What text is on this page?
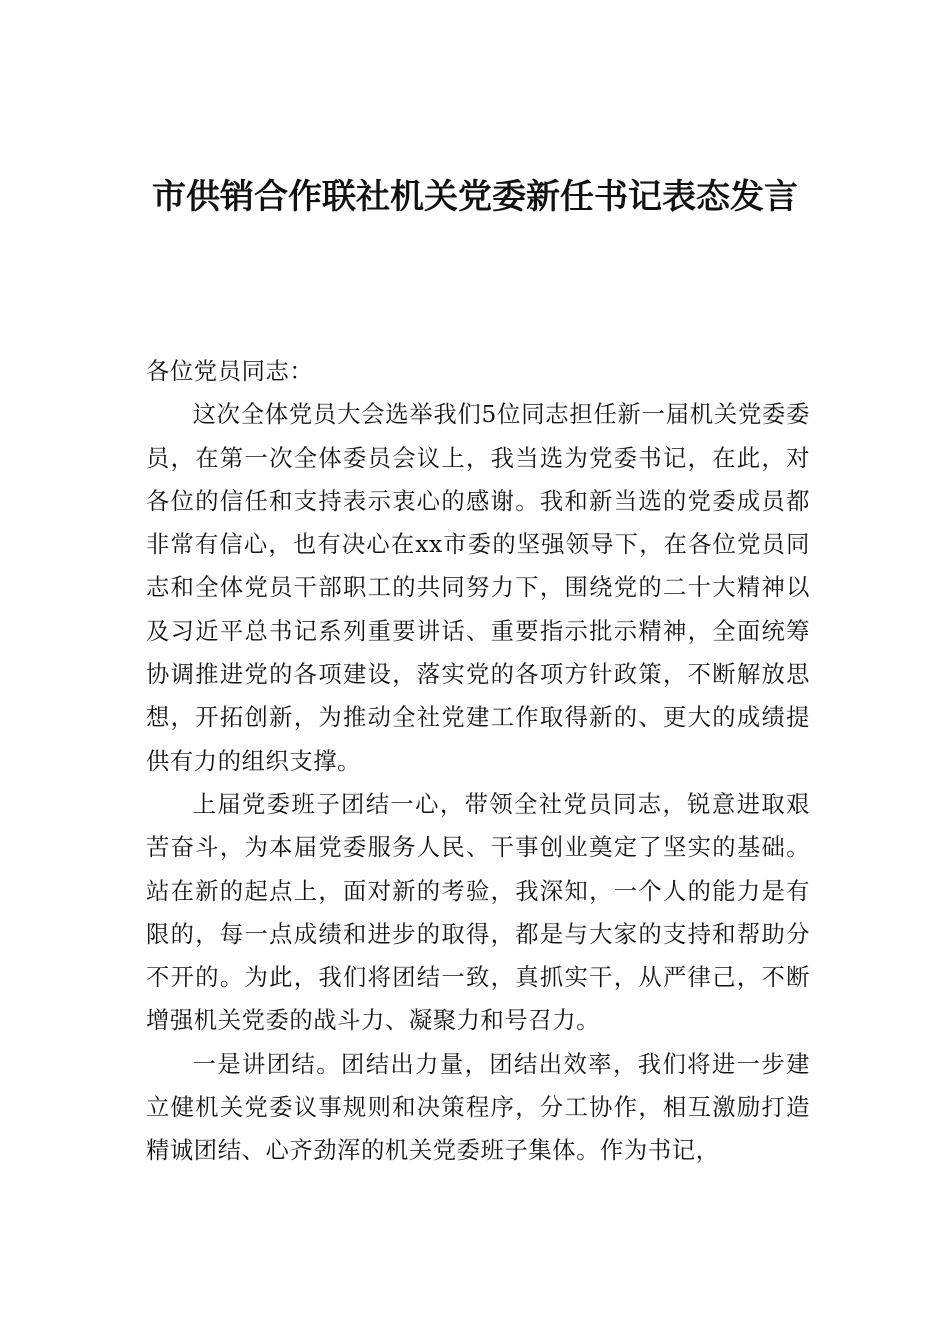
市供销合作联社机关党委新任书记表态发言

各位党员同志：

这次全体党员大会选举我们5位同志担任新一届机关党委委员，在第一次全体委员会议上，我当选为党委书记，在此，对各位的信任和支持表示衷心的感谢。我和新当选的党委成员都非常有信心，也有决心在xx市委的坚强领导下，在各位党员同志和全体党员干部职工的共同努力下，围绕党的二十大精神以及习近平总书记系列重要讲话、重要指示批示精神，全面统筹协调推进党的各项建设，落实党的各项方针政策，不断解放思想，开拓创新，为推动全社党建工作取得新的、更大的成绩提供有力的组织支撑。

上届党委班子团结一心，带领全社党员同志，锐意进取艰苦奋斗，为本届党委服务人民、干事创业奠定了坚实的基础。站在新的起点上，面对新的考验，我深知，一个人的能力是有限的，每一点成绩和进步的取得，都是与大家的支持和帮助分不开的。为此，我们将团结一致，真抓实干，从严律己，不断增强机关党委的战斗力、凝聚力和号召力。

一是讲团结。团结出力量，团结出效率，我们将进一步建立健机关党委议事规则和决策程序，分工协作，相互激励打造精诚团结、心齐劲浑的机关党委班子集体。作为书记，
